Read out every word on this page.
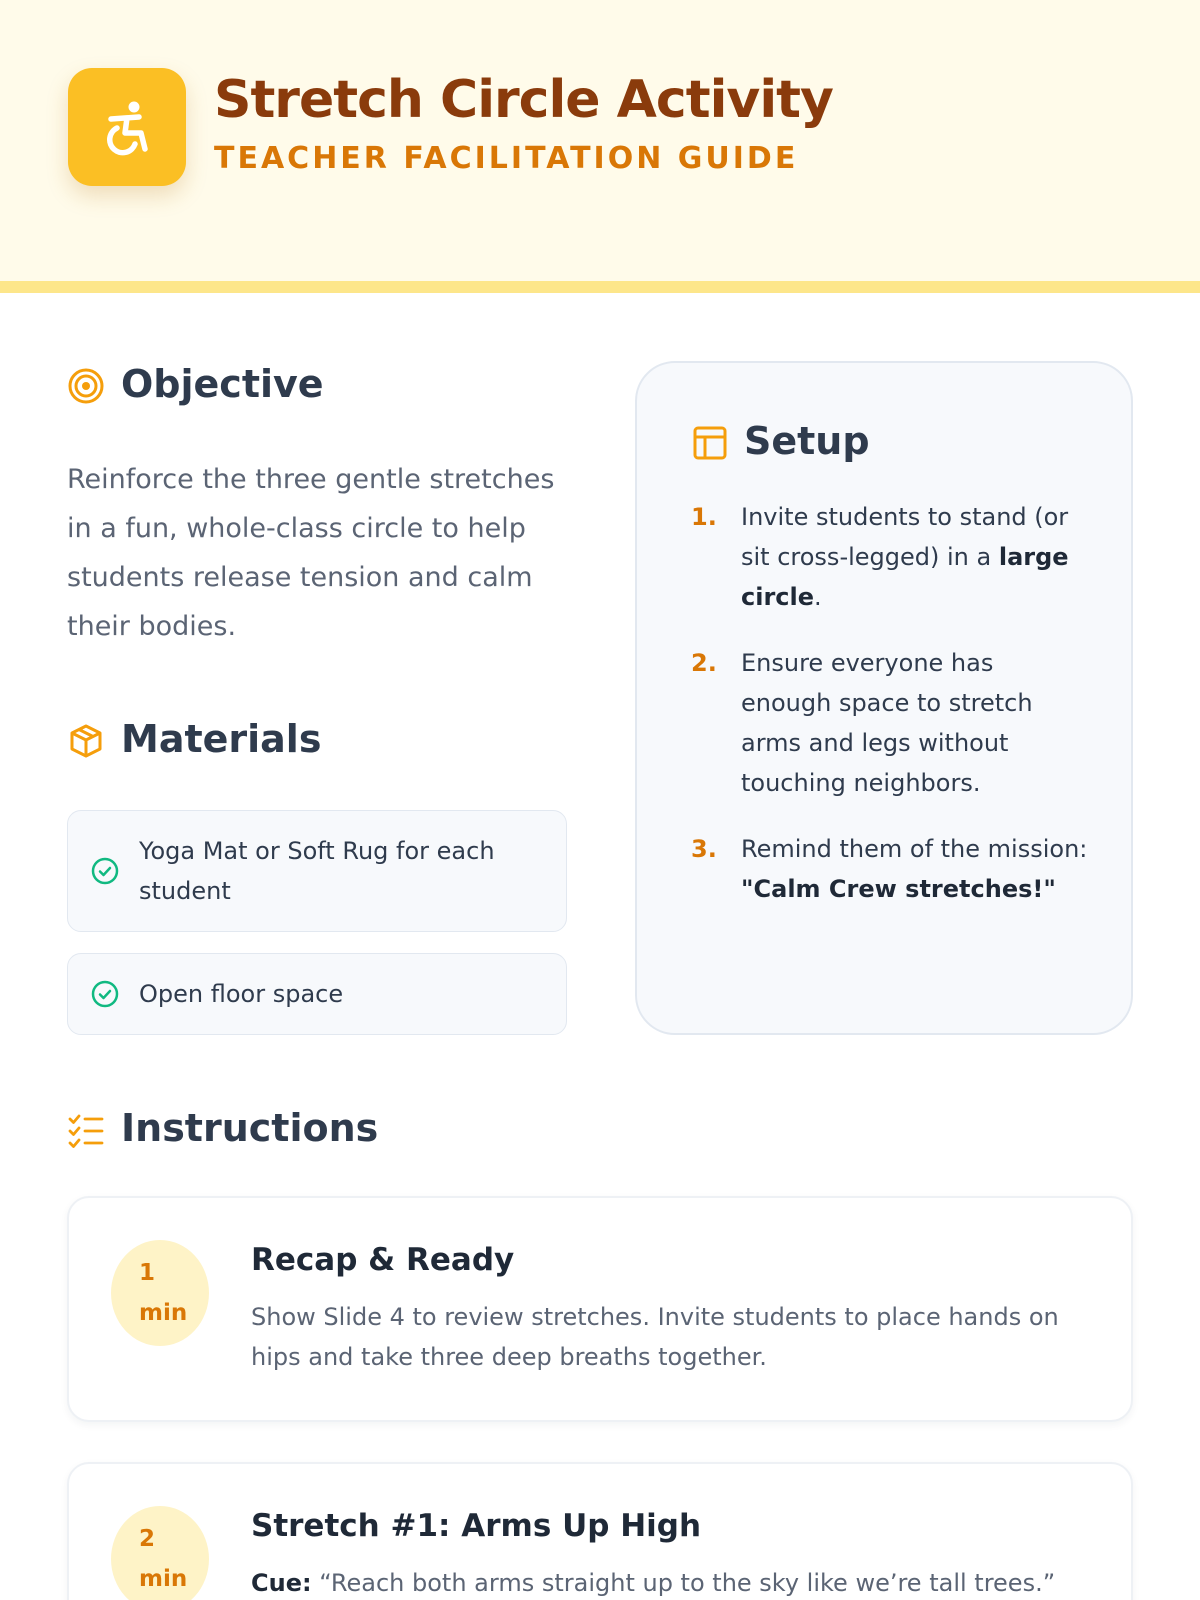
Stretch Circle Activity
TEACHER FACILITATION GUIDE
Objective
Reinforce the three gentle stretches in a fun, whole-class circle to help students release tension and calm their bodies.
Materials
Yoga Mat or Soft Rug for each student
Open floor space
Setup
1. Invite students to stand (or sit cross-legged) in a large circle.
2. Ensure everyone has enough space to stretch arms and legs without touching neighbors.
3. Remind them of the mission: "Calm Crew stretches!"
Instructions
1
min
Recap & Ready
Show Slide 4 to review stretches. Invite students to place hands on hips and take three deep breaths together.
2
min
Stretch #1: Arms Up High
Cue: “Reach both arms straight up to the sky like we’re tall trees.”
